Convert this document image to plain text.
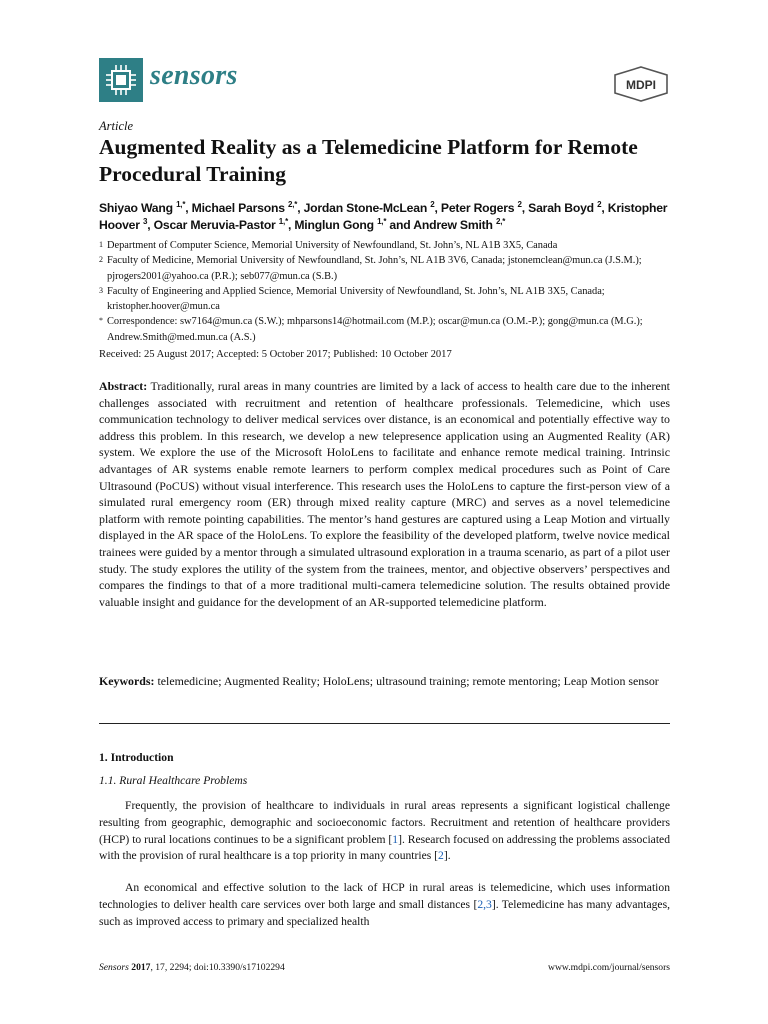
sensors	MDPI
Article
Augmented Reality as a Telemedicine Platform for Remote Procedural Training
Shiyao Wang $^{1,*}$, Michael Parsons $^{2,*}$, Jordan Stone-McLean $^2$, Peter Rogers $^2$, Sarah Boyd $^2$, Kristopher Hoover $^3$, Oscar Meruvia-Pastor $^{1,*}$, Minglun Gong $^{1,*}$ and Andrew Smith $^{2,*}$
1 Department of Computer Science, Memorial University of Newfoundland, St. John’s, NL A1B 3X5, Canada
2 Faculty of Medicine, Memorial University of Newfoundland, St. John’s, NL A1B 3V6, Canada; jstonemclean@mun.ca (J.S.M.); pjrogers2001@yahoo.ca (P.R.); seb077@mun.ca (S.B.)
3 Faculty of Engineering and Applied Science, Memorial University of Newfoundland, St. John’s, NL A1B 3X5, Canada; kristopher.hoover@mun.ca
* Correspondence: sw7164@mun.ca (S.W.); mhparsons14@hotmail.com (M.P.); oscar@mun.ca (O.M.-P.); gong@mun.ca (M.G.); Andrew.Smith@med.mun.ca (A.S.)
Received: 25 August 2017; Accepted: 5 October 2017; Published: 10 October 2017
Abstract: Traditionally, rural areas in many countries are limited by a lack of access to health care due to the inherent challenges associated with recruitment and retention of healthcare professionals. Telemedicine, which uses communication technology to deliver medical services over distance, is an economical and potentially effective way to address this problem. In this research, we develop a new telepresence application using an Augmented Reality (AR) system. We explore the use of the Microsoft HoloLens to facilitate and enhance remote medical training. Intrinsic advantages of AR systems enable remote learners to perform complex medical procedures such as Point of Care Ultrasound (PoCUS) without visual interference. This research uses the HoloLens to capture the first-person view of a simulated rural emergency room (ER) through mixed reality capture (MRC) and serves as a novel telemedicine platform with remote pointing capabilities. The mentor’s hand gestures are captured using a Leap Motion and virtually displayed in the AR space of the HoloLens. To explore the feasibility of the developed platform, twelve novice medical trainees were guided by a mentor through a simulated ultrasound exploration in a trauma scenario, as part of a pilot user study. The study explores the utility of the system from the trainees, mentor, and objective observers’ perspectives and compares the findings to that of a more traditional multi-camera telemedicine solution. The results obtained provide valuable insight and guidance for the development of an AR-supported telemedicine platform.
Keywords: telemedicine; Augmented Reality; HoloLens; ultrasound training; remote mentoring; Leap Motion sensor
1. Introduction
1.1. Rural Healthcare Problems
Frequently, the provision of healthcare to individuals in rural areas represents a significant logistical challenge resulting from geographic, demographic and socioeconomic factors. Recruitment and retention of healthcare providers (HCP) to rural locations continues to be a significant problem [1]. Research focused on addressing the problems associated with the provision of rural healthcare is a top priority in many countries [2].
An economical and effective solution to the lack of HCP in rural areas is telemedicine, which uses information technologies to deliver health care services over both large and small distances [2,3]. Telemedicine has many advantages, such as improved access to primary and specialized health
Sensors 2017, 17, 2294; doi:10.3390/s17102294	www.mdpi.com/journal/sensors
